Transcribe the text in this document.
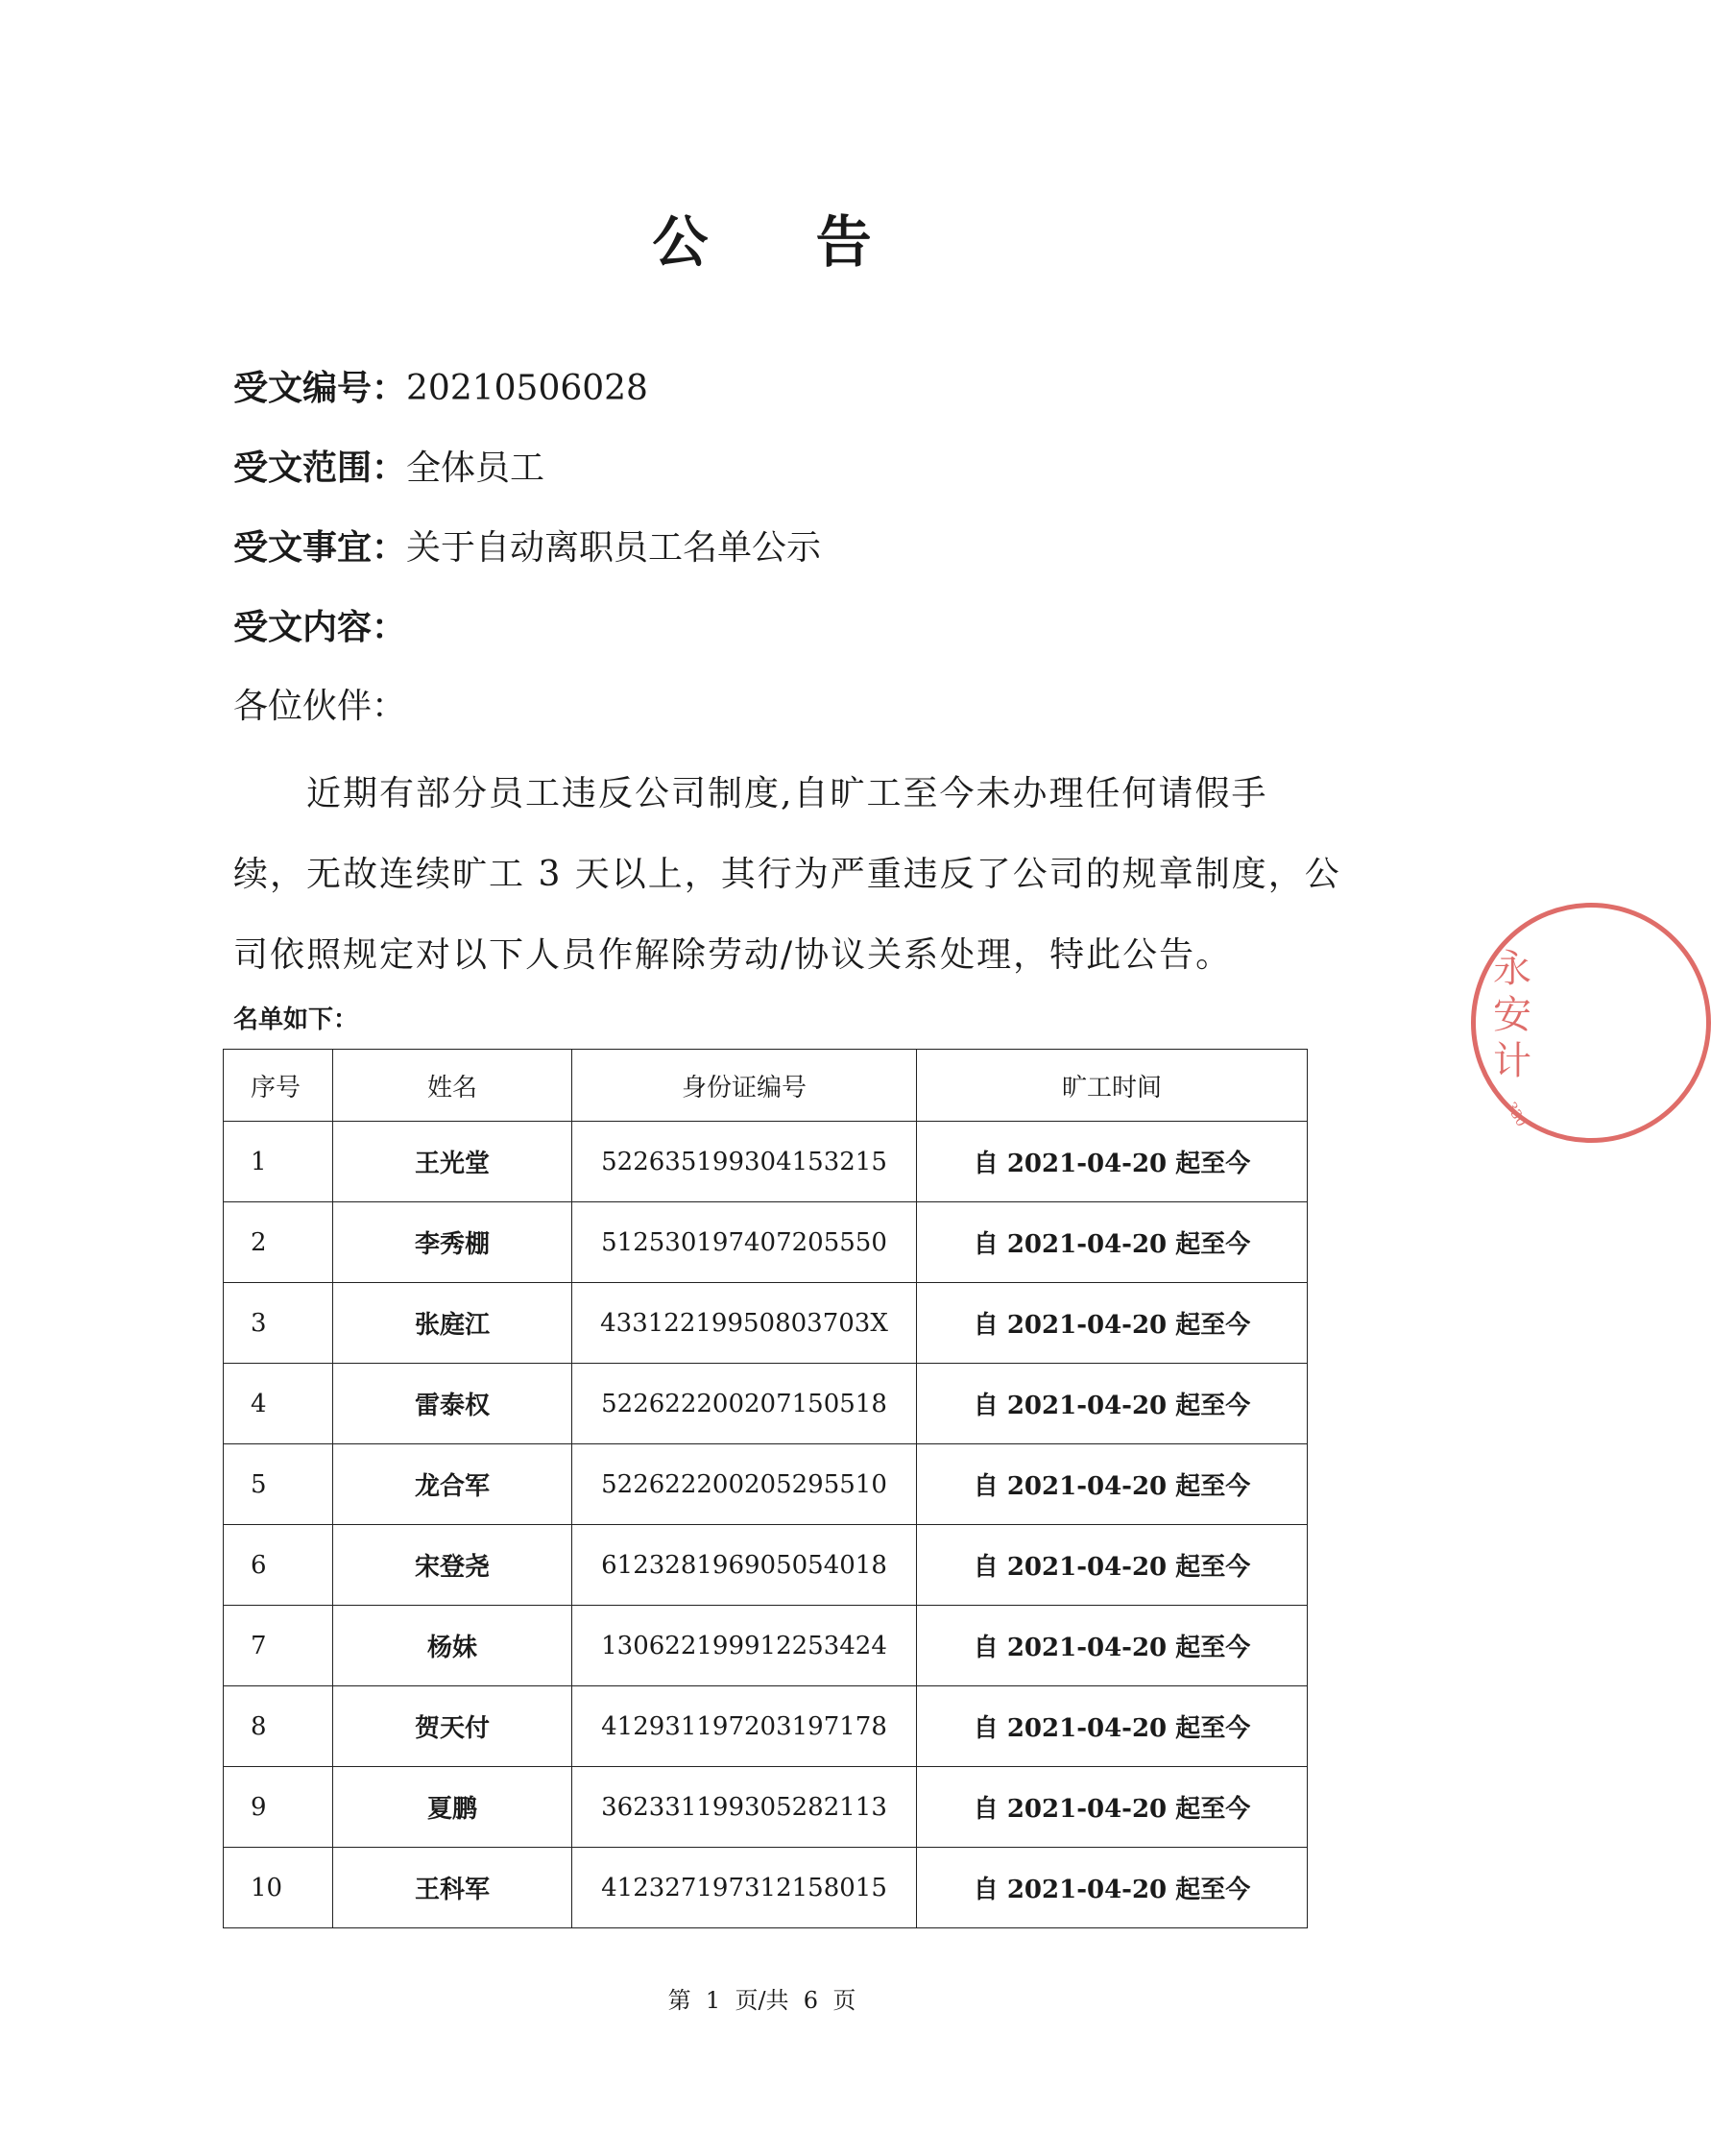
公 告
受文编号：20210506028
受文范围：全体员工
受文事宜：关于自动离职员工名单公示
受文内容：
各位伙伴：
　　近期有部分员工违反公司制度,自旷工至今未办理任何请假手
续，无故连续旷工 3 天以上，其行为严重违反了公司的规章制度，公
司依照规定对以下人员作解除劳动/协议关系处理，特此公告。
名单如下：
序号	姓名	身份证编号	旷工时间
1	王光堂	522635199304153215	自 2021-04-20 起至今
2	李秀棚	512530197407205550	自 2021-04-20 起至今
3	张庭江	43312219950803703X	自 2021-04-20 起至今
4	雷泰权	522622200207150518	自 2021-04-20 起至今
5	龙合军	522622200205295510	自 2021-04-20 起至今
6	宋登尧	612328196905054018	自 2021-04-20 起至今
7	杨妹	130622199912253424	自 2021-04-20 起至今
8	贺天付	412931197203197178	自 2021-04-20 起至今
9	夏鹏	362331199305282113	自 2021-04-20 起至今
10	王科军	412327197312158015	自 2021-04-20 起至今
第  1  页/共  6  页
永
安
计
330
